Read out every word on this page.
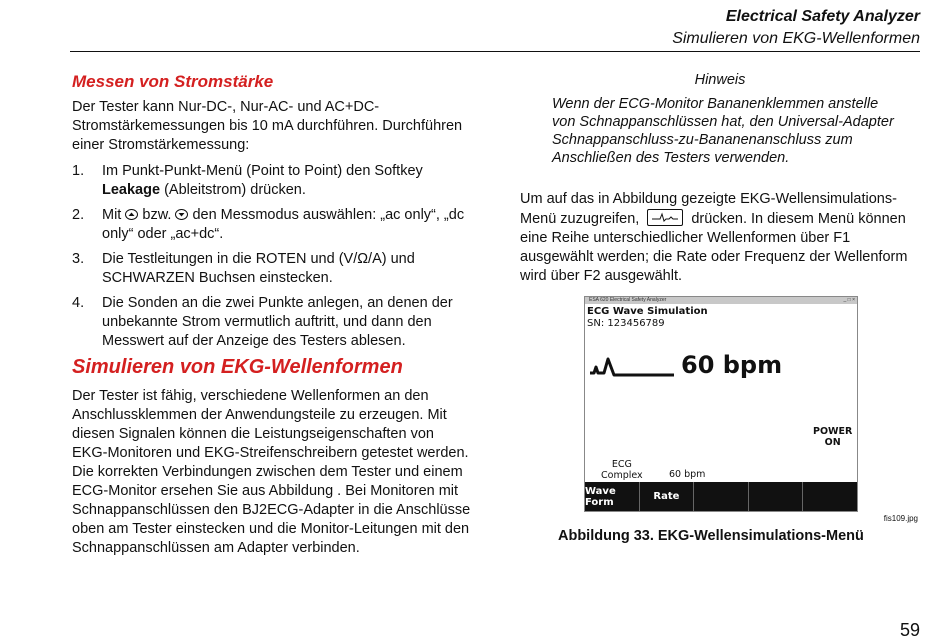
Electrical Safety Analyzer
Simulieren von EKG-Wellenformen
Messen von Stromstärke
Der Tester kann Nur-DC-, Nur-AC- und AC+DC-Stromstärkemessungen bis 10 mA durchführen. Durchführen einer Stromstärkemessung:
1. Im Punkt-Punkt-Menü (Point to Point) den Softkey Leakage (Ableitstrom) drücken.
2. Mit  bzw.  den Messmodus auswählen: „ac only“, „dc only“ oder „ac+dc“.
3. Die Testleitungen in die ROTEN und (V/Ω/A) und SCHWARZEN Buchsen einstecken.
4. Die Sonden an die zwei Punkte anlegen, an denen der unbekannte Strom vermutlich auftritt, und dann den Messwert auf der Anzeige des Testers ablesen.
Simulieren von EKG-Wellenformen
Der Tester ist fähig, verschiedene Wellenformen an den Anschlussklemmen der Anwendungsteile zu erzeugen. Mit diesen Signalen können die Leistungseigenschaften von EKG-Monitoren und EKG-Streifenschreibern getestet werden. Die korrekten Verbindungen zwischen dem Tester und einem ECG-Monitor ersehen Sie aus Abbildung . Bei Monitoren mit Schnappanschlüssen den BJ2ECG-Adapter in die Anschlüsse oben am Tester einstecken und die Monitor-Leitungen mit den Schnappanschlüssen am Adapter verbinden.
Hinweis
Wenn der ECG-Monitor Bananenklemmen anstelle von Schnappanschlüssen hat, den Universal-Adapter Schnappanschluss-zu-Bananenanschluss zum Anschließen des Testers verwenden.
Um auf das in Abbildung gezeigte EKG-Wellensimulations-Menü zuzugreifen,	drücken. In diesem Menü können eine Reihe unterschiedlicher Wellenformen über F1 ausgewählt werden; die Rate oder Frequenz der Wellenform wird über F2 ausgewählt.
ESA 620 Electrical Safety Analyzer	_ □ ×
ECG Wave Simulation
SN: 123456789
60 bpm
POWER
ON
ECG
Complex	60 bpm
Wave Form	Rate
fis109.jpg
Abbildung 33. EKG-Wellensimulations-Menü
59
